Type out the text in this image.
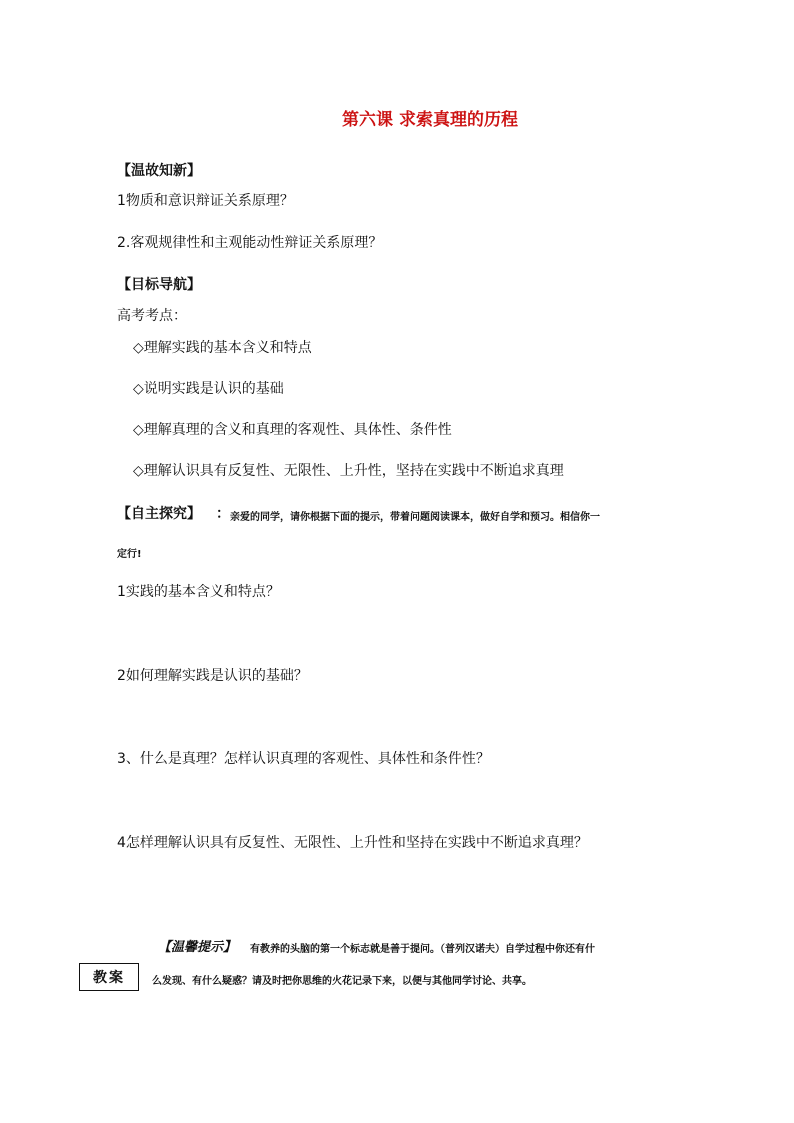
第六课 求索真理的历程
【温故知新】
1物质和意识辩证关系原理？
2.客观规律性和主观能动性辩证关系原理？
【目标导航】
高考考点：
◇理解实践的基本含义和特点
◇说明实践是认识的基础
◇理解真理的含义和真理的客观性、具体性、条件性
◇理解认识具有反复性、无限性、上升性，坚持在实践中不断追求真理
【自主探究】 ： 亲爱的同学，请你根据下面的提示，带着问题阅读课本，做好自学和预习。相信你一
定行!
1实践的基本含义和特点？
2如何理解实践是认识的基础？
3、什么是真理？怎样认识真理的客观性、具体性和条件性？
4怎样理解认识具有反复性、无限性、上升性和坚持在实践中不断追求真理？
【温馨提示】 有教养的头脑的第一个标志就是善于提问。（普列汉诺夫）自学过程中你还有什
教案	么发现、有什么疑惑？请及时把你思维的火花记录下来，以便与其他同学讨论、共享。
